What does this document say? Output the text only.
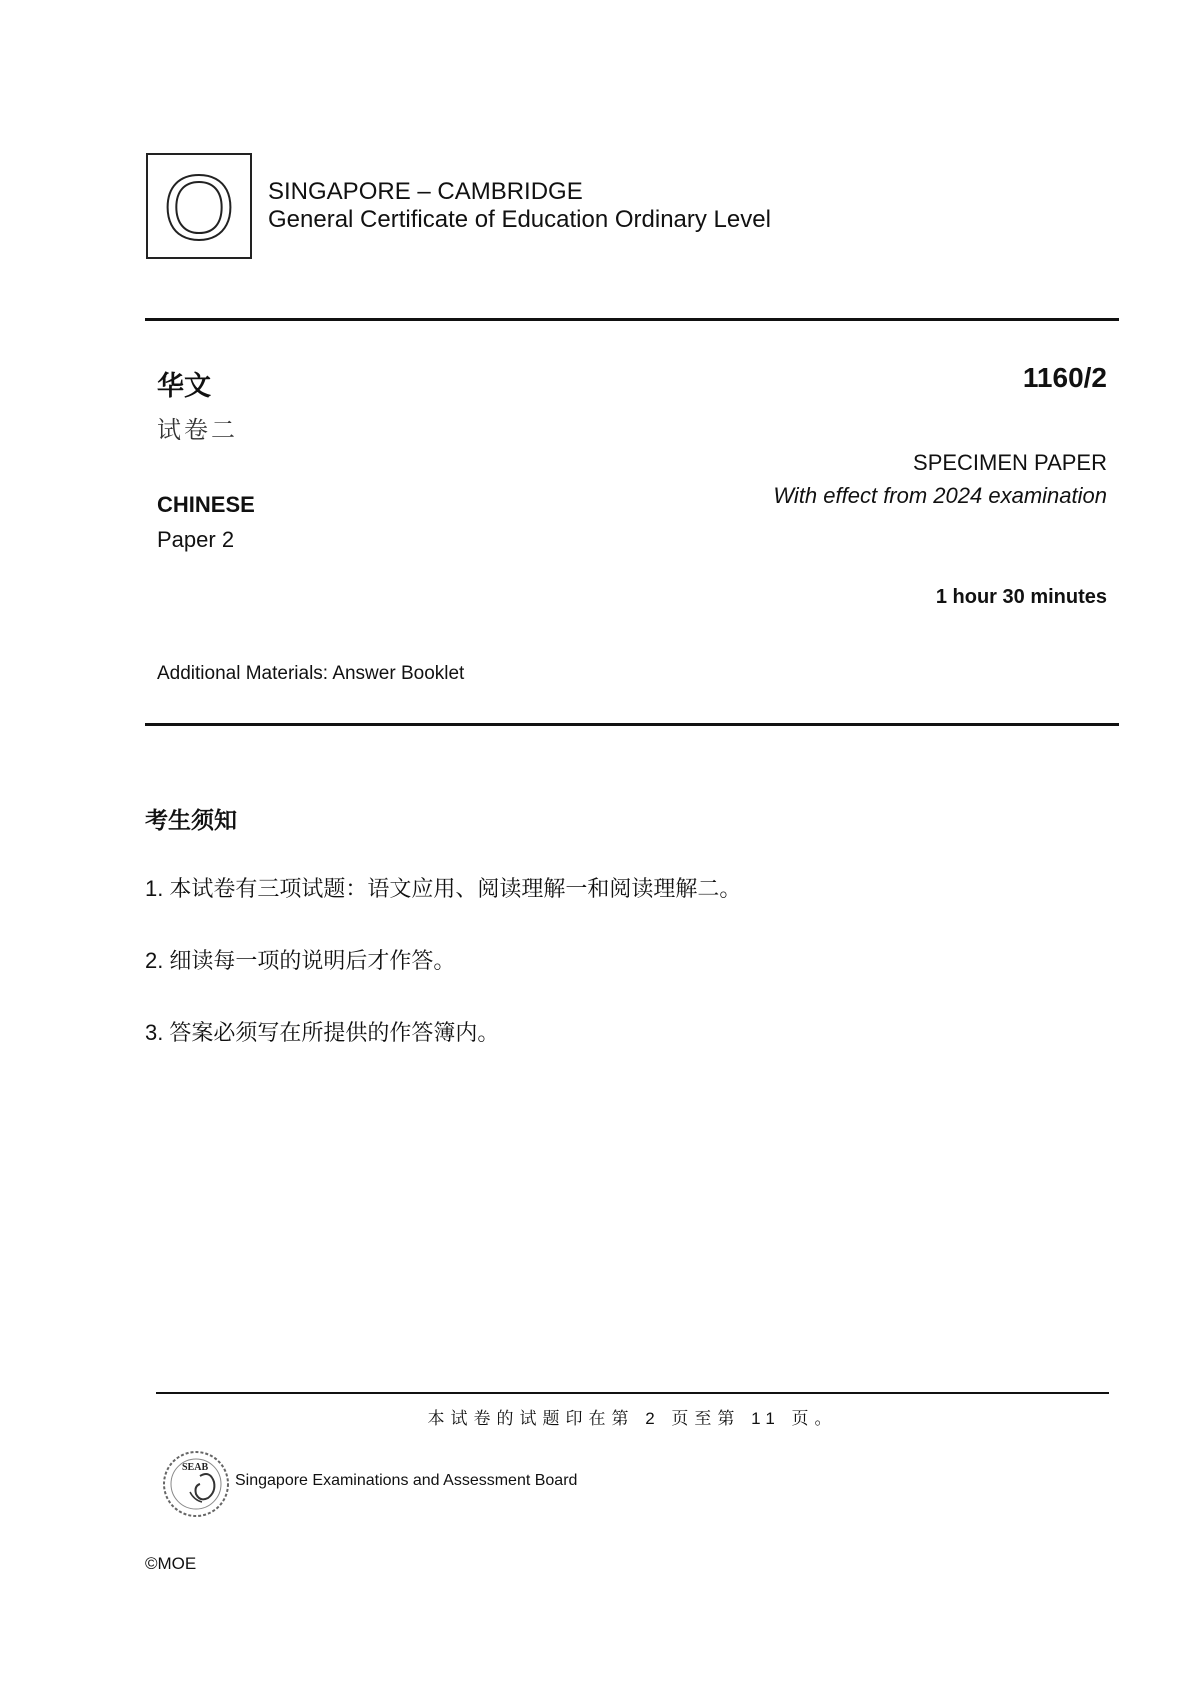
O SINGAPORE – CAMBRIDGE
General Certificate of Education Ordinary Level
华文
试卷二
1160/2
SPECIMEN PAPER
With effect from 2024 examination
CHINESE
Paper 2
1 hour 30 minutes
Additional Materials: Answer Booklet
考生须知
1. 本试卷有三项试题：语文应用、阅读理解一和阅读理解二。
2. 细读每一项的说明后才作答。
3. 答案必须写在所提供的作答簿内。
本试卷的试题印在第 2 页至第 11 页。
SEAB
Singapore Examinations and Assessment Board
©MOE
